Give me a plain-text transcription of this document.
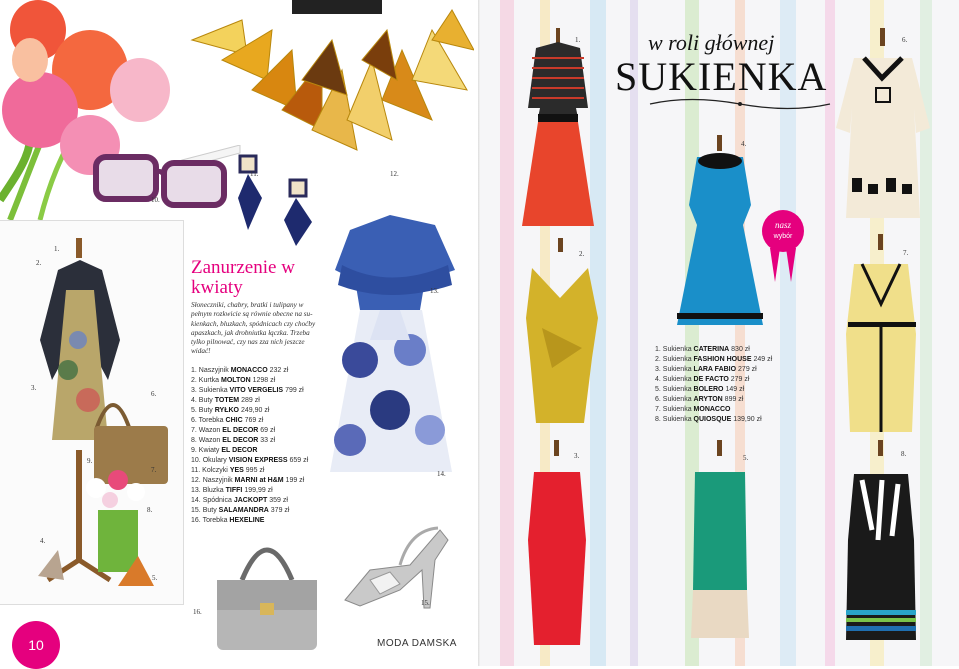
10.
12.
11.
1.
2.
3.
4.
5.
6.
7.
8.
9.
Zanurzenie w
kwiaty
Słoneczniki, chabry, bratki i tulipany w
pełnym rozkwicie są równie obecne na su-
kienkach, bluzkach, spódnicach czy choćby
apaszkach, jak drobniutka łączka. Trzeba
tylko pilnować, czy nas zza nich jeszcze
widać!
1. Naszyjnik MONACCO 232 zł
2. Kurtka MOLTON 1298 zł
3. Sukienka VITO VERGELIS 799 zł
4. Buty TOTEM 289 zł
5. Buty RYŁKO 249,90 zł
6. Torebka CHIC 769 zł
7. Wazon EL DECOR 69 zł
8. Wazon EL DECOR 33 zł
9. Kwiaty EL DECOR
10. Okulary VISION EXPRESS 659 zł
11. Kolczyki YES 995 zł
12. Naszyjnik MARNI at H&M 199 zł
13. Bluzka TIFFI 199,99 zł
14. Spódnica JACKOPT 359 zł
15. Buty SALAMANDRA 379 zł
16. Torebka HEXELINE
13.
14.
16.
15.
10	MODA DAMSKA
w roli głównej
SUKIENKA
nasz
wybór
1.
4.
6.
2.	7.
3.	5.	8.
1. Sukienka CATERINA 830 zł
2. Sukienka FASHION HOUSE 249 zł
3. Sukienka LARA FABIO 279 zł
4. Sukienka DE FACTO 279 zł
5. Sukienka BOLERO 149 zł
6. Sukienka ARYTON 899 zł
7. Sukienka MONACCO
8. Sukienka QUIOSQUE 139,90 zł
